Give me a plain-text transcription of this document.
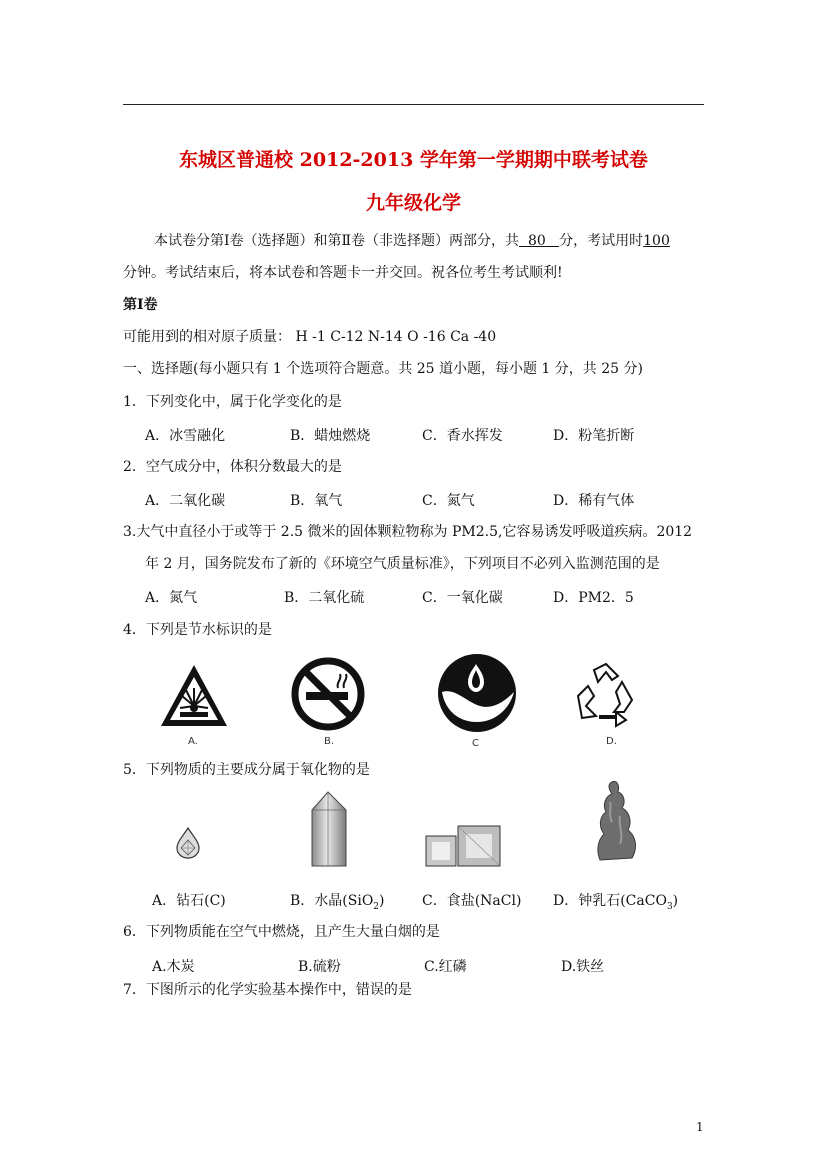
东城区普通校 2012-2013 学年第一学期期中联考试卷
九年级化学
本试卷分第Ⅰ卷（选择题）和第Ⅱ卷（非选择题）两部分，共 80 分，考试用时100
分钟。考试结束后，将本试卷和答题卡一并交回。祝各位考生考试顺利!
第Ⅰ卷
可能用到的相对原子质量： H -1 C-12 N-14 O -16 Ca -40
一、选择题(每小题只有 1 个选项符合题意。共 25 道小题，每小题 1 分，共 25 分)
1．下列变化中，属于化学变化的是
A．冰雪融化	B．蜡烛燃烧	C．香水挥发	D．粉笔折断
2．空气成分中，体积分数最大的是
A．二氧化碳	B．氧气	C．氮气	D．稀有气体
3.大气中直径小于或等于 2.5 微米的固体颗粒物称为 PM2.5,它容易诱发呼吸道疾病。2012
年 2 月，国务院发布了新的《环境空气质量标准》，下列项目不必列入监测范围的是
A．氮气	B．二氧化硫	C．一氧化碳	D．PM2．5
4．下列是节水标识的是
A.	B.	C	D.
5．下列物质的主要成分属于氧化物的是
A．钻石(C)	B．水晶(SiO$_2$)	C．食盐(NaCl) D．钟乳石(CaCO$_3$)
6．下列物质能在空气中燃烧，且产生大量白烟的是
A.木炭	B.硫粉	C.红磷	D.铁丝
7．下图所示的化学实验基本操作中，错误的是
1
